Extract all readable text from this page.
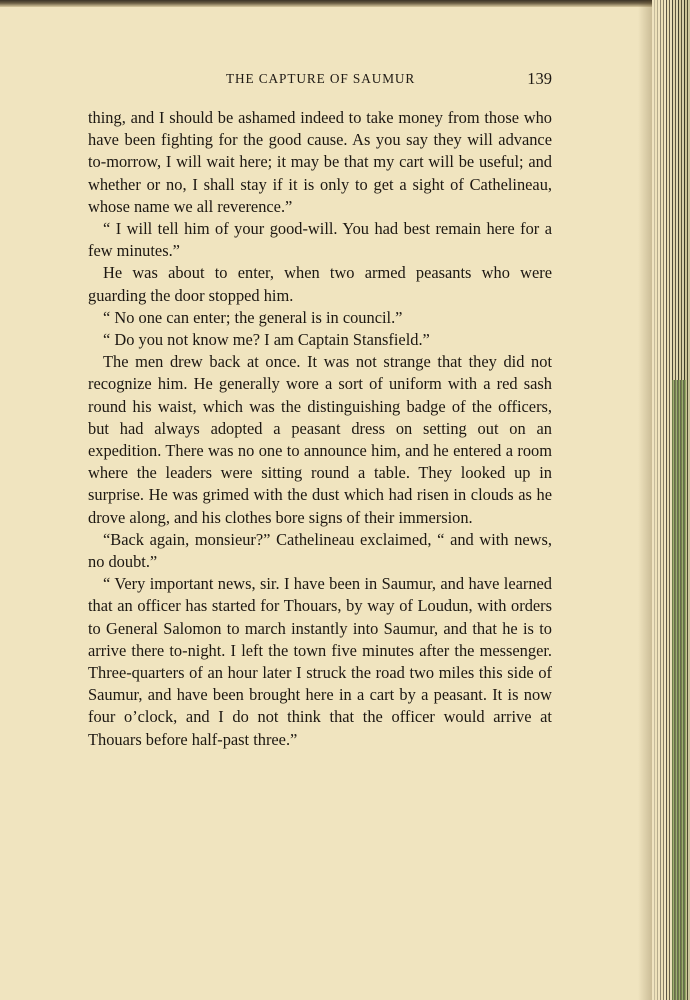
THE CAPTURE OF SAUMUR	139

thing, and I should be ashamed indeed to take money from those who have been fighting for the good cause. As you say they will advance to-morrow, I will wait here; it may be that my cart will be useful; and whether or no, I shall stay if it is only to get a sight of Cathelineau, whose name we all reverence.”

“ I will tell him of your good-will. You had best remain here for a few minutes.”

He was about to enter, when two armed peasants who were guarding the door stopped him.

“ No one can enter; the general is in council.”

“ Do you not know me? I am Captain Stansfield.”

The men drew back at once. It was not strange that they did not recognize him. He generally wore a sort of uniform with a red sash round his waist, which was the distinguishing badge of the officers, but had always adopted a peasant dress on setting out on an expedition. There was no one to announce him, and he entered a room where the leaders were sitting round a table. They looked up in surprise. He was grimed with the dust which had risen in clouds as he drove along, and his clothes bore signs of their immersion.

“Back again, monsieur?” Cathelineau exclaimed, “ and with news, no doubt.”

“ Very important news, sir. I have been in Saumur, and have learned that an officer has started for Thouars, by way of Loudun, with orders to General Salomon to march instantly into Saumur, and that he is to arrive there to-night. I left the town five minutes after the messenger. Three-quarters of an hour later I struck the road two miles this side of Saumur, and have been brought here in a cart by a peasant. It is now four o’clock, and I do not think that the officer would arrive at Thouars before half-past three.”
